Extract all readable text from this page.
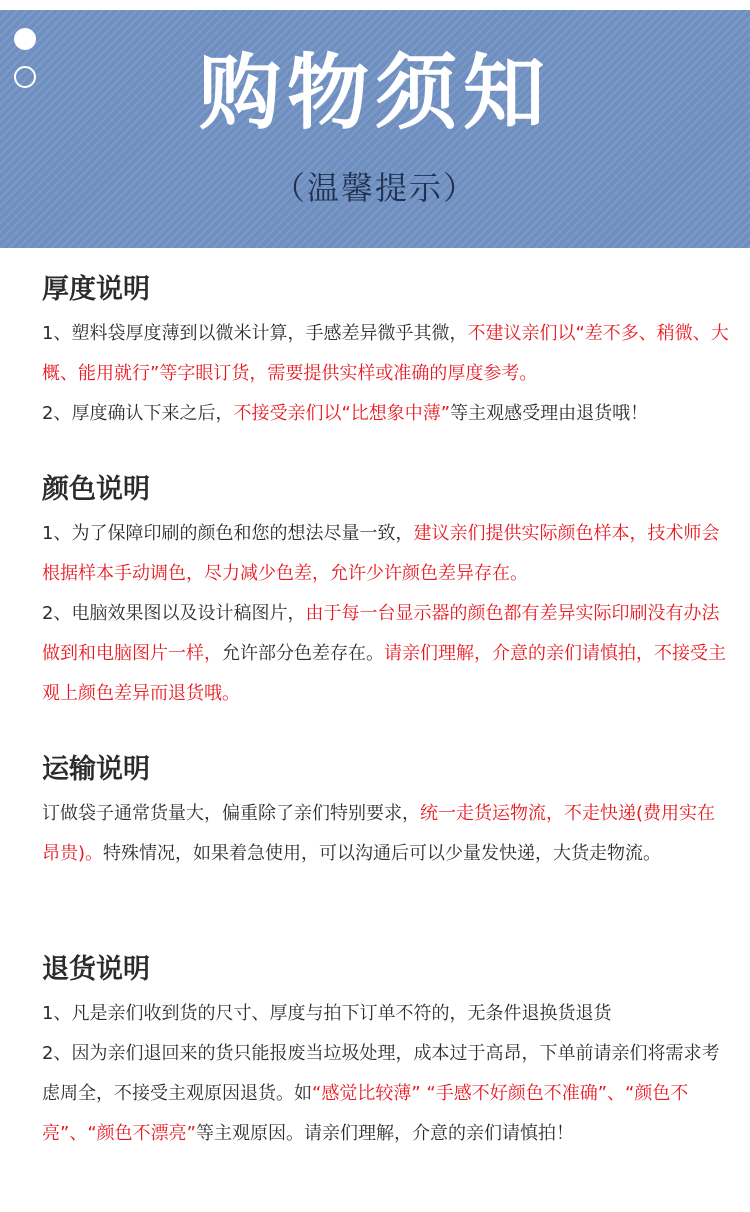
购物须知
（温馨提示）
厚度说明
1、塑料袋厚度薄到以微米计算，手感差异微乎其微，不建议亲们以“差不多、稍微、大概、能用就行”等字眼订货，需要提供实样或准确的厚度参考。
2、厚度确认下来之后，不接受亲们以“比想象中薄”等主观感受理由退货哦！
颜色说明
1、为了保障印刷的颜色和您的想法尽量一致，建议亲们提供实际颜色样本，技术师会根据样本手动调色，尽力减少色差，允许少许颜色差异存在。
2、电脑效果图以及设计稿图片，由于每一台显示器的颜色都有差异实际印刷没有办法做到和电脑图片一样，允许部分色差存在。请亲们理解，介意的亲们请慎拍，不接受主观上颜色差异而退货哦。
运输说明
订做袋子通常货量大，偏重除了亲们特别要求，统一走货运物流，不走快递(费用实在昂贵)。特殊情况，如果着急使用，可以沟通后可以少量发快递，大货走物流。
退货说明
1、凡是亲们收到货的尺寸、厚度与拍下订单不符的，无条件退换货退货
2、因为亲们退回来的货只能报废当垃圾处理，成本过于高昂，下单前请亲们将需求考虑周全，不接受主观原因退货。如“感觉比较薄” “手感不好颜色不准确”、“颜色不亮”、“颜色不漂亮”等主观原因。请亲们理解，介意的亲们请慎拍！
